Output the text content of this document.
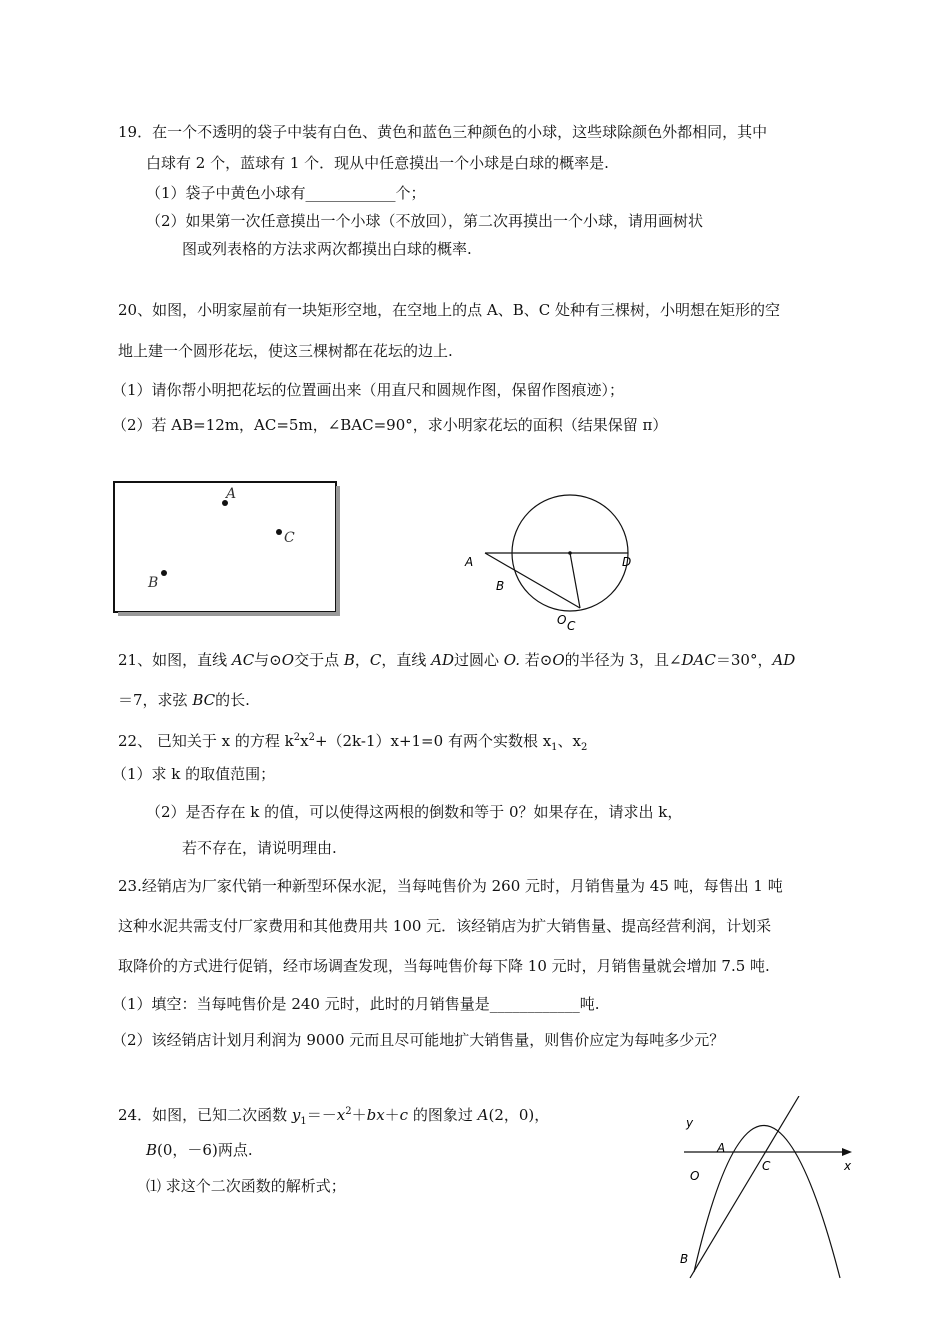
19．在一个不透明的袋子中装有白色、黄色和蓝色三种颜色的小球，这些球除颜色外都相同，其中
白球有 2 个，蓝球有 1 个．现从中任意摸出一个小球是白球的概率是.
（1）袋子中黄色小球有____________个；
（2）如果第一次任意摸出一个小球（不放回），第二次再摸出一个小球，请用画树状
图或列表格的方法求两次都摸出白球的概率.
20、如图，小明家屋前有一块矩形空地，在空地上的点 A、B、C 处种有三棵树，小明想在矩形的空
地上建一个圆形花坛，使这三棵树都在花坛的边上.
（1）请你帮小明把花坛的位置画出来（用直尺和圆规作图，保留作图痕迹）；
（2）若 AB=12m，AC=5m，∠BAC=90°，求小明家花坛的面积（结果保留 π）
A
C
B
A
B
D
O C
21、如图，直线 AC与⊙O交于点 B，C，直线 AD过圆心 O. 若⊙O的半径为 3，且∠DAC＝30°，AD
＝7，求弦 BC的长.
22、 已知关于 x 的方程 $k^2x^2+(2k-1)x+1=0$ 有两个实数根 $x_1$、$x_2$
（1）求 k 的取值范围；
（2）是否存在 k 的值，可以使得这两根的倒数和等于 0？如果存在，请求出 k，
若不存在，请说明理由.
23.经销店为厂家代销一种新型环保水泥，当每吨售价为 260 元时，月销售量为 45 吨，每售出 1 吨
这种水泥共需支付厂家费用和其他费用共 100 元．该经销店为扩大销售量、提高经营利润，计划采
取降价的方式进行促销，经市场调查发现，当每吨售价每下降 10 元时，月销售量就会增加 7.5 吨.
（1）填空：当每吨售价是 240 元时，此时的月销售量是____________吨.
（2）该经销店计划月利润为 9000 元而且尽可能地扩大销售量，则售价应定为每吨多少元？
24．如图，已知二次函数 $y_1=-x^2+bx+c$ 的图象过 A(2，0)，
B(0，－6)两点.
⑴ 求这个二次函数的解析式；
y
x
A
O
C
B
